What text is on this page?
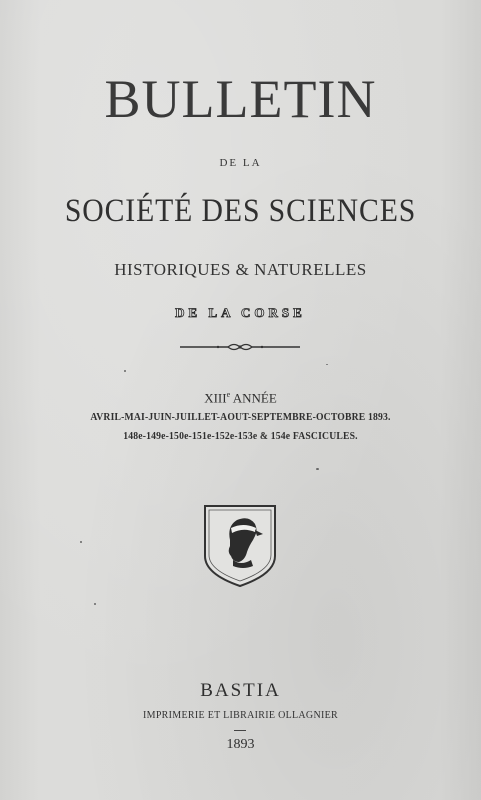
BULLETIN
DE LA
SOCIÉTÉ DES SCIENCES
HISTORIQUES & NATURELLES
DE LA CORSE
XIIIe ANNÉE
AVRIL-MAI-JUIN-JUILLET-AOUT-SEPTEMBRE-OCTOBRE 1893.
148e-149e-150e-151e-152e-153e & 154e FASCICULES.
BASTIA
IMPRIMERIE ET LIBRAIRIE OLLAGNIER
1893
